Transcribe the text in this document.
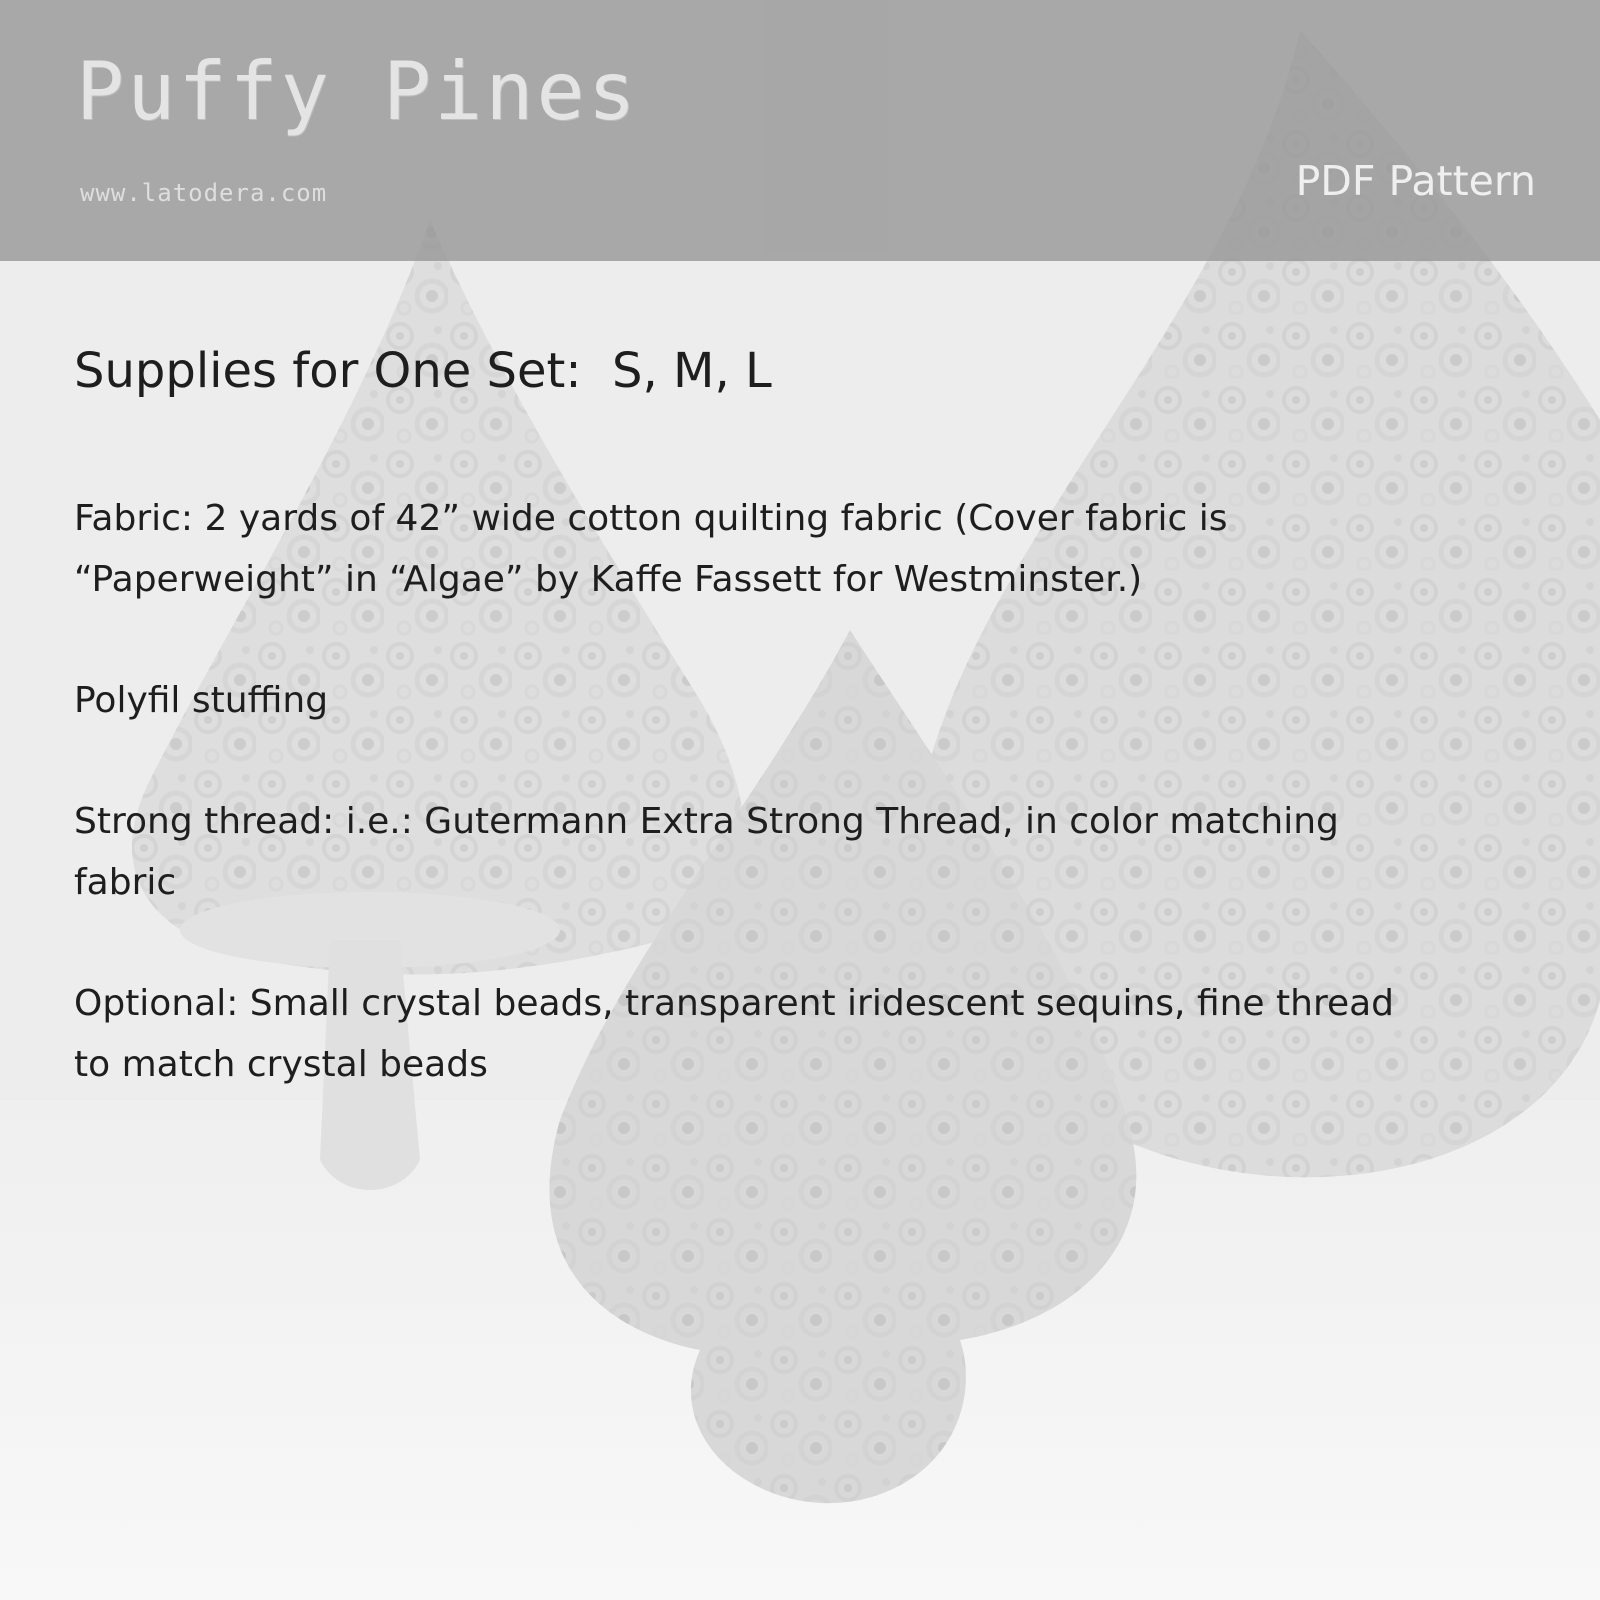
Puffy Pines

www.latodera.com	PDF Pattern

Supplies for One Set:  S, M, L

Fabric: 2 yards of 42” wide cotton quilting fabric (Cover fabric is
“Paperweight” in “Algae” by Kaffe Fassett for Westminster.)

Polyfil stuffing

Strong thread: i.e.: Gutermann Extra Strong Thread, in color matching
fabric

Optional: Small crystal beads, transparent iridescent sequins, fine thread
to match crystal beads
